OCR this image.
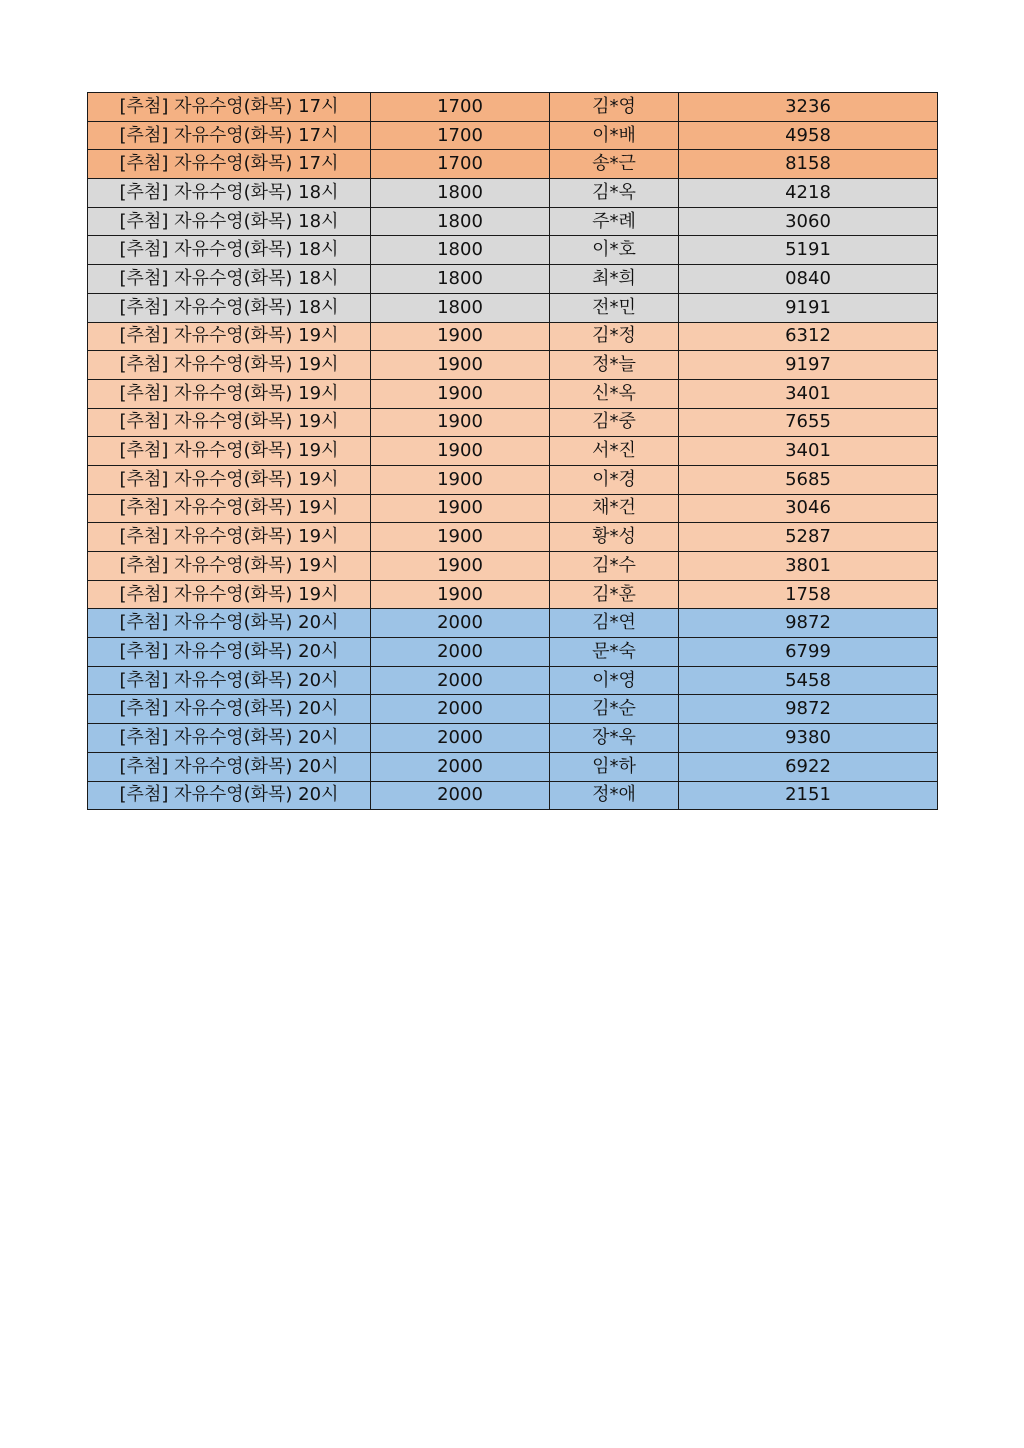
[추첨] 자유수영(화목) 17시	1700	김*영	3236
[추첨] 자유수영(화목) 17시	1700	이*배	4958
[추첨] 자유수영(화목) 17시	1700	송*근	8158
[추첨] 자유수영(화목) 18시	1800	김*옥	4218
[추첨] 자유수영(화목) 18시	1800	주*례	3060
[추첨] 자유수영(화목) 18시	1800	이*호	5191
[추첨] 자유수영(화목) 18시	1800	최*희	0840
[추첨] 자유수영(화목) 18시	1800	전*민	9191
[추첨] 자유수영(화목) 19시	1900	김*정	6312
[추첨] 자유수영(화목) 19시	1900	정*늘	9197
[추첨] 자유수영(화목) 19시	1900	신*옥	3401
[추첨] 자유수영(화목) 19시	1900	김*중	7655
[추첨] 자유수영(화목) 19시	1900	서*진	3401
[추첨] 자유수영(화목) 19시	1900	이*경	5685
[추첨] 자유수영(화목) 19시	1900	채*건	3046
[추첨] 자유수영(화목) 19시	1900	황*성	5287
[추첨] 자유수영(화목) 19시	1900	김*수	3801
[추첨] 자유수영(화목) 19시	1900	김*훈	1758
[추첨] 자유수영(화목) 20시	2000	김*연	9872
[추첨] 자유수영(화목) 20시	2000	문*숙	6799
[추첨] 자유수영(화목) 20시	2000	이*영	5458
[추첨] 자유수영(화목) 20시	2000	김*순	9872
[추첨] 자유수영(화목) 20시	2000	장*욱	9380
[추첨] 자유수영(화목) 20시	2000	임*하	6922
[추첨] 자유수영(화목) 20시	2000	정*애	2151
